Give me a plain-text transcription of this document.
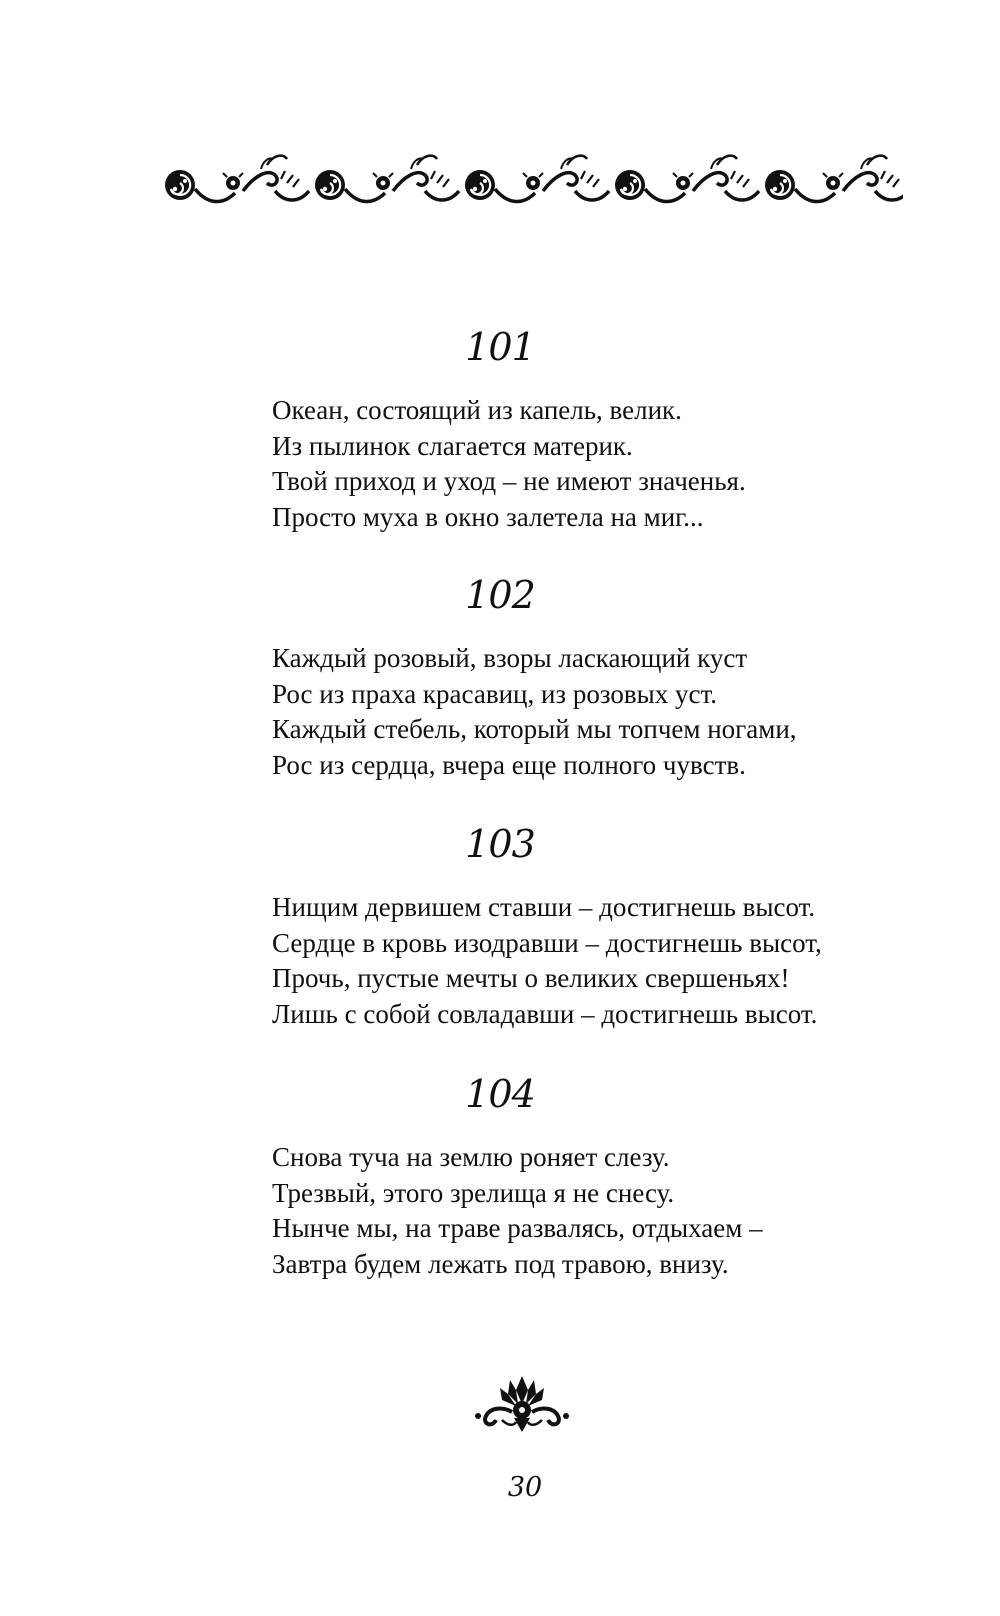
101
Океан, состоящий из капель, велик.
Из пылинок слагается материк.
Твой приход и уход – не имеют значенья.
Просто муха в окно залетела на миг...
102
Каждый розовый, взоры ласкающий куст
Рос из праха красавиц, из розовых уст.
Каждый стебель, который мы топчем ногами,
Рос из сердца, вчера еще полного чувств.
103
Нищим дервишем ставши – достигнешь высот.
Сердце в кровь изодравши – достигнешь высот,
Прочь, пустые мечты о великих свершеньях!
Лишь с собой совладавши – достигнешь высот.
104
Снова туча на землю роняет слезу.
Трезвый, этого зрелища я не снесу.
Нынче мы, на траве развалясь, отдыхаем –
Завтра будем лежать под травою, внизу.
30
